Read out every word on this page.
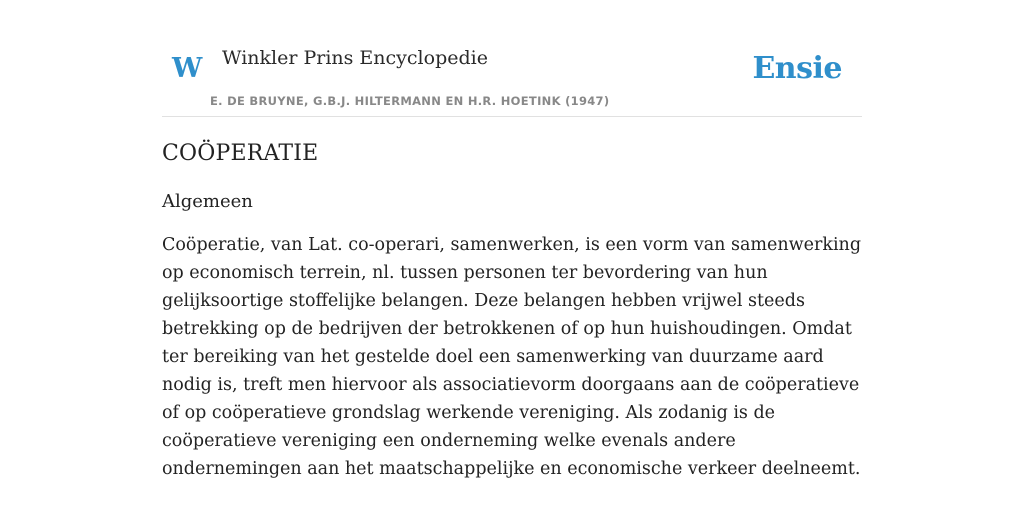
W Winkler Prins Encyclopedie
E. DE BRUYNE, G.B.J. HILTERMANN EN H.R. HOETINK (1947)
Ensie
COÖPERATIE
Algemeen

Coöperatie, van Lat. co-operari, samenwerken, is een vorm van samenwerking op economisch terrein, nl. tussen personen ter bevordering van hun gelijksoortige stoffelijke belangen. Deze belangen hebben vrijwel steeds betrekking op de bedrijven der betrokkenen of op hun huishoudingen. Omdat ter bereiking van het gestelde doel een samenwerking van duurzame aard nodig is, treft men hiervoor als associatievorm doorgaans aan de coöperatieve of op coöperatieve grondslag werkende vereniging. Als zodanig is de coöperatieve vereniging een onderneming welke evenals andere ondernemingen aan het maatschappelijke en economische verkeer deelneemt.
